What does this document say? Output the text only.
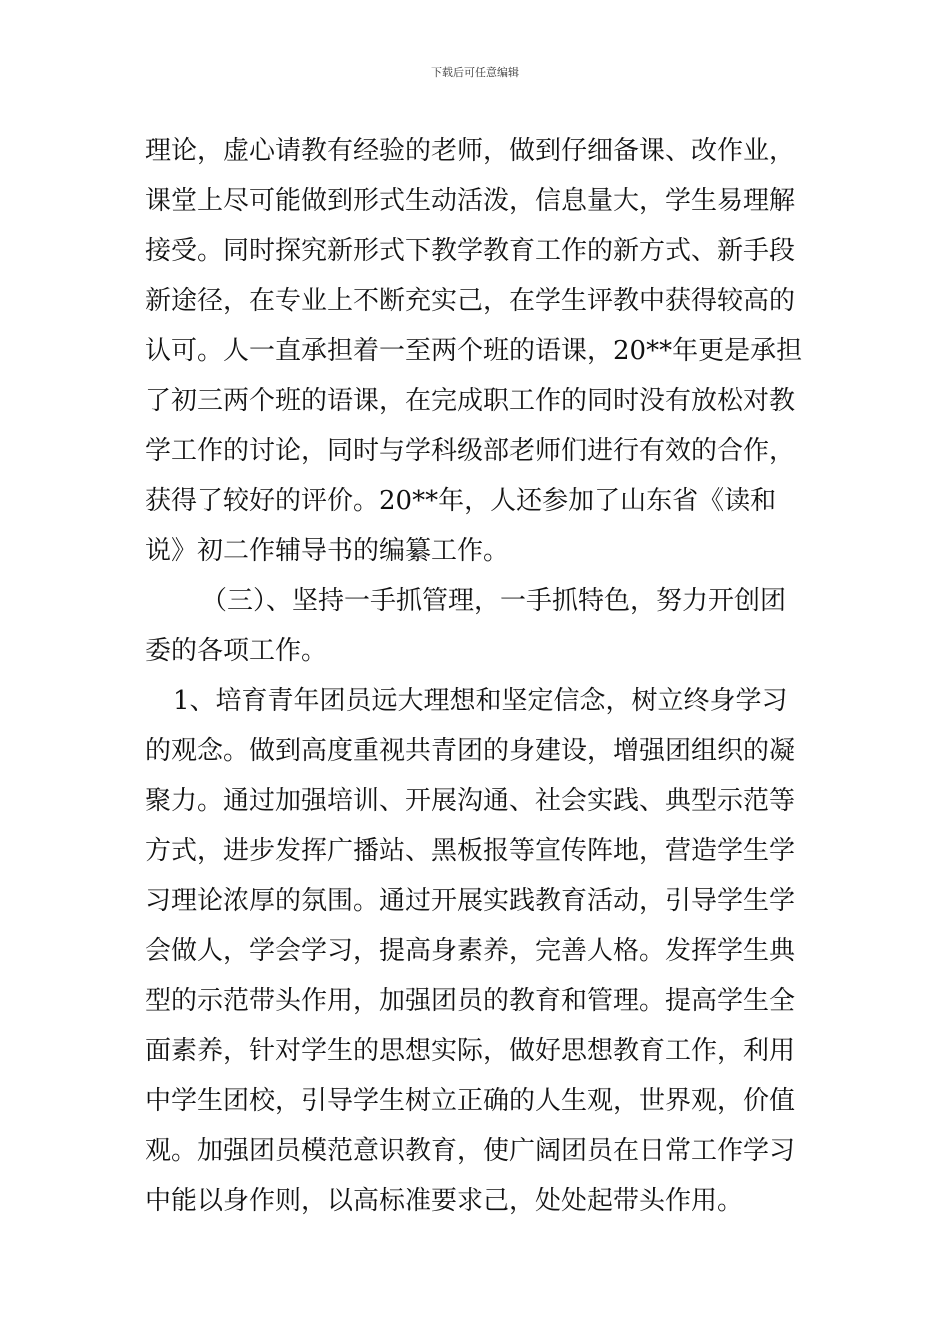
下载后可任意编辑
理论，虚心请教有经验的老师，做到仔细备课、改作业，
课堂上尽可能做到形式生动活泼，信息量大，学生易理解
接受。同时探究新形式下教学教育工作的新方式、新手段
新途径，在专业上不断充实己，在学生评教中获得较高的
认可。人一直承担着一至两个班的语课，20**年更是承担
了初三两个班的语课，在完成职工作的同时没有放松对教
学工作的讨论，同时与学科级部老师们进行有效的合作，
获得了较好的评价。20**年，人还参加了山东省《读和
说》初二作辅导书的编纂工作。
（三）、坚持一手抓管理，一手抓特色，努力开创团
委的各项工作。
1、培育青年团员远大理想和坚定信念，树立终身学习
的观念。做到高度重视共青团的身建设，增强团组织的凝
聚力。通过加强培训、开展沟通、社会实践、典型示范等
方式，进步发挥广播站、黑板报等宣传阵地，营造学生学
习理论浓厚的氛围。通过开展实践教育活动，引导学生学
会做人，学会学习，提高身素养，完善人格。发挥学生典
型的示范带头作用，加强团员的教育和管理。提高学生全
面素养，针对学生的思想实际，做好思想教育工作，利用
中学生团校，引导学生树立正确的人生观，世界观，价值
观。加强团员模范意识教育，使广阔团员在日常工作学习
中能以身作则，以高标准要求己，处处起带头作用。
